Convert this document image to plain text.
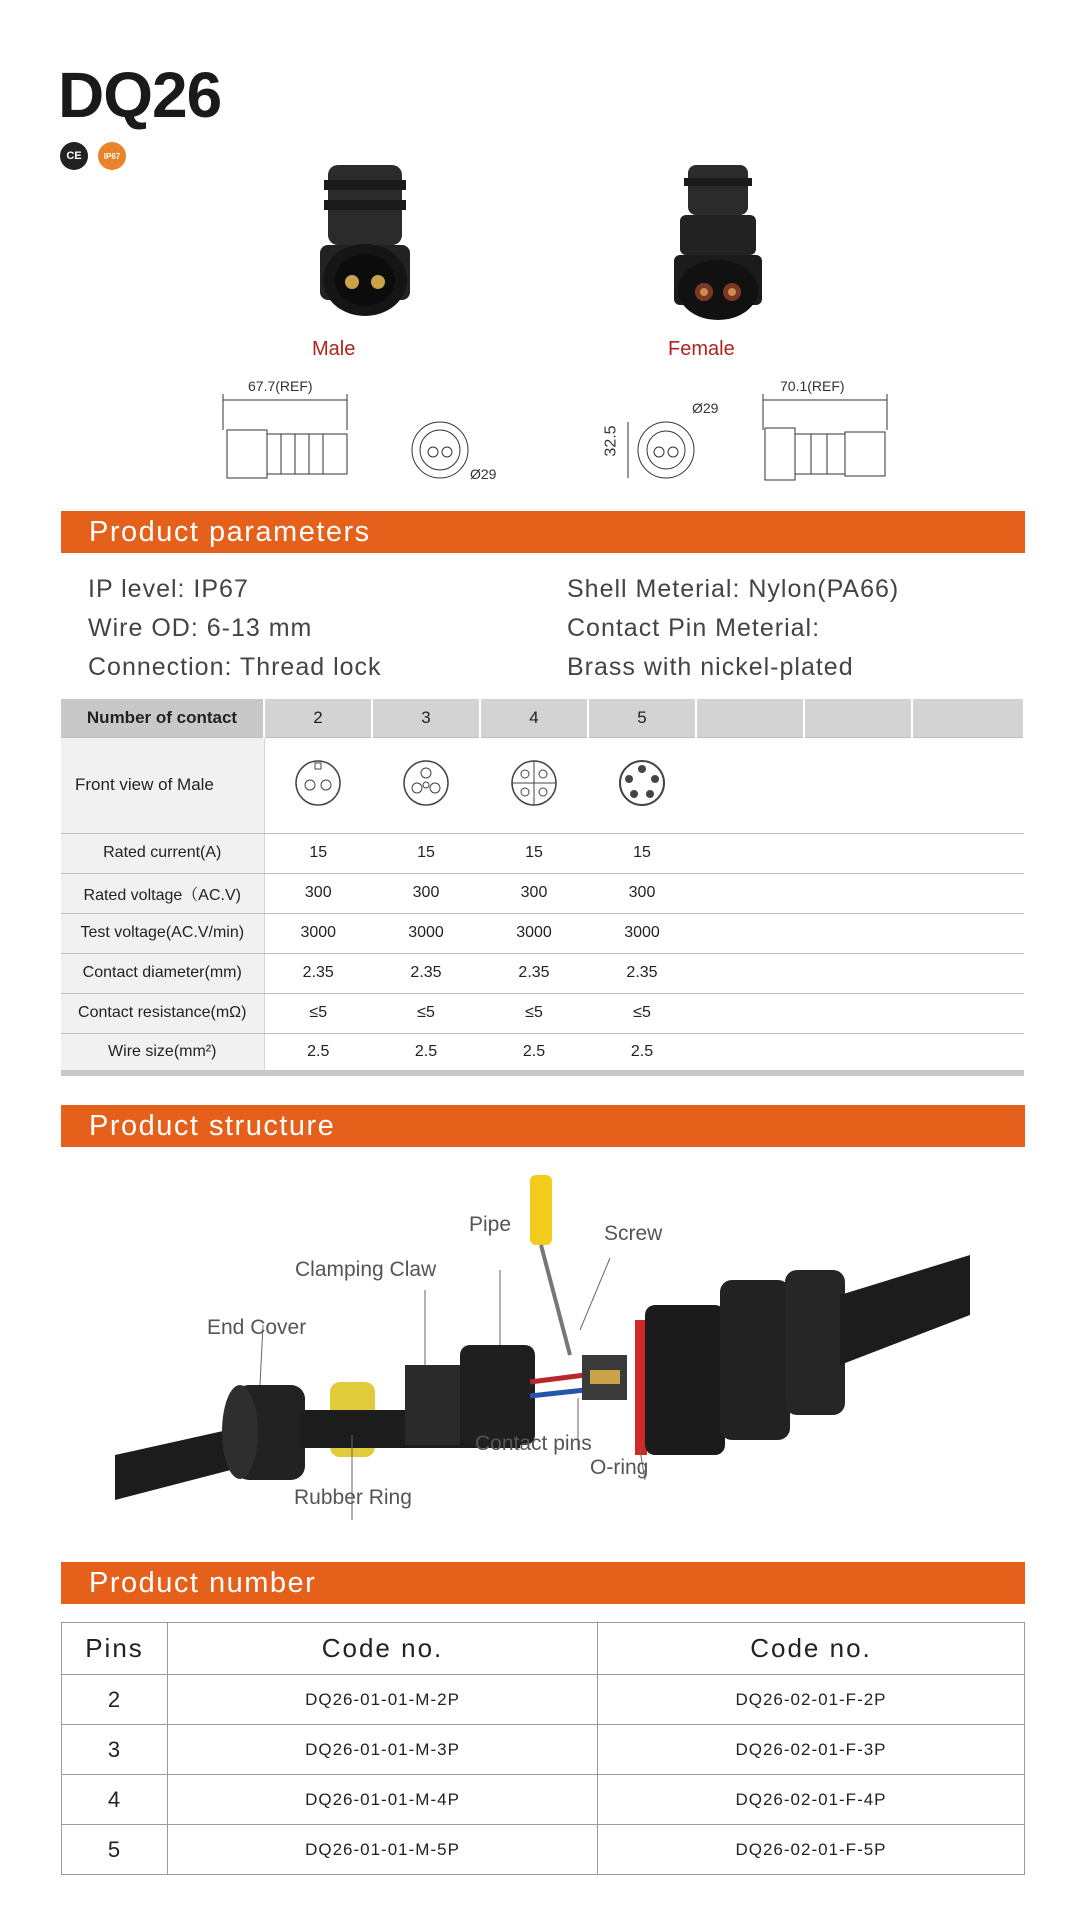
DQ26
CE	IP67
Male	Female
67.7(REF)
Ø29
32.5
Ø29
70.1(REF)
Product parameters
IP level: IP67
Wire OD: 6-13 mm
Connection: Thread lock
Shell Meterial: Nylon(PA66)
Contact Pin Meterial:
Brass with nickel-plated
Number of contact	2	3	4	5			
Front view of Male							
Rated current(A)	15	15	15	15			
Rated voltage（AC.V)	300	300	300	300			
Test voltage(AC.V/min)	3000	3000	3000	3000			
Contact diameter(mm)	2.35	2.35	2.35	2.35			
Contact resistance(mΩ)	≤5	≤5	≤5	≤5			
Wire size(mm²)	2.5	2.5	2.5	2.5			
Product structure
Pipe	Screw
Clamping Claw
End Cover
Contact pins
O-ring
Rubber Ring
Product number
Pins	Code no.	Code no.
2	DQ26-01-01-M-2P	DQ26-02-01-F-2P
3	DQ26-01-01-M-3P	DQ26-02-01-F-3P
4	DQ26-01-01-M-4P	DQ26-02-01-F-4P
5	DQ26-01-01-M-5P	DQ26-02-01-F-5P
